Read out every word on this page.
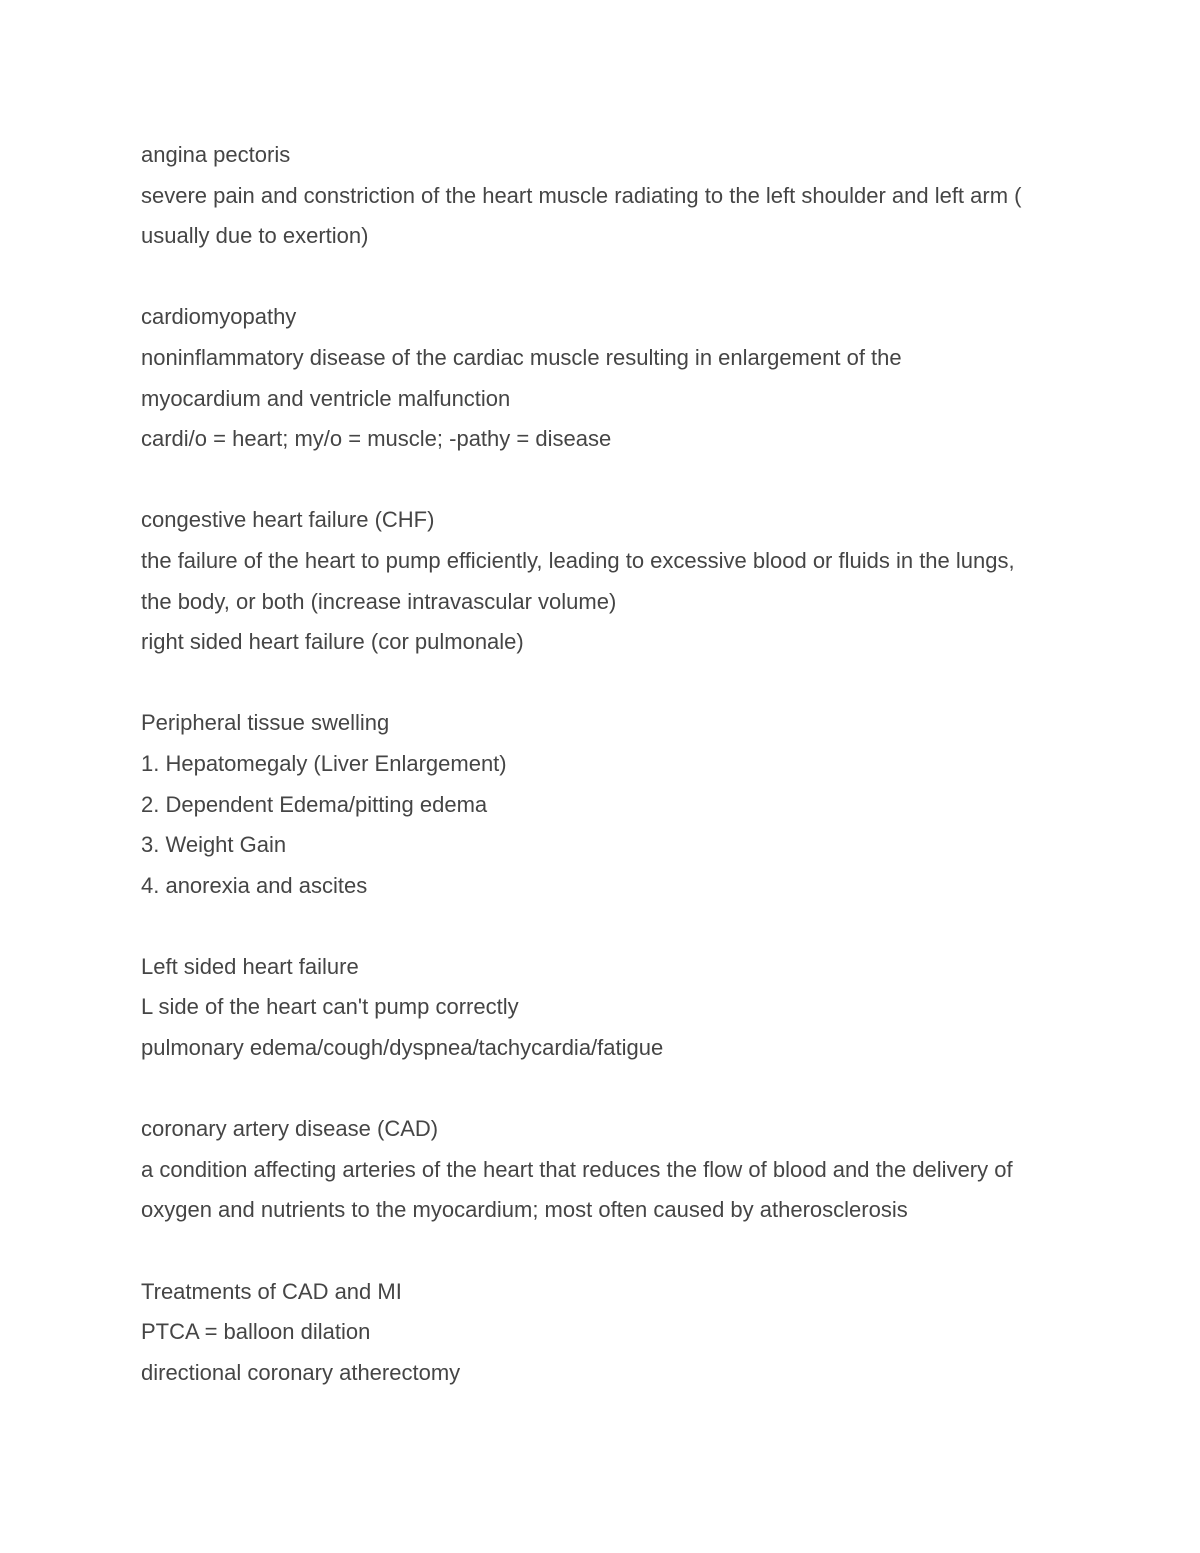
angina pectoris
severe pain and constriction of the heart muscle radiating to the left shoulder and left arm ( usually due to exertion)
cardiomyopathy
noninflammatory disease of the cardiac muscle resulting in enlargement of the myocardium and ventricle malfunction
cardi/o = heart; my/o = muscle; -pathy = disease
congestive heart failure (CHF)
the failure of the heart to pump efficiently, leading to excessive blood or fluids in the lungs, the body, or both (increase intravascular volume)
right sided heart failure (cor pulmonale)
Peripheral tissue swelling
1. Hepatomegaly (Liver Enlargement)
2. Dependent Edema/pitting edema
3. Weight Gain
4. anorexia and ascites
Left sided heart failure
L side of the heart can't pump correctly
pulmonary edema/cough/dyspnea/tachycardia/fatigue
coronary artery disease (CAD)
a condition affecting arteries of the heart that reduces the flow of blood and the delivery of oxygen and nutrients to the myocardium; most often caused by atherosclerosis
Treatments of CAD and MI
PTCA = balloon dilation
directional coronary atherectomy
